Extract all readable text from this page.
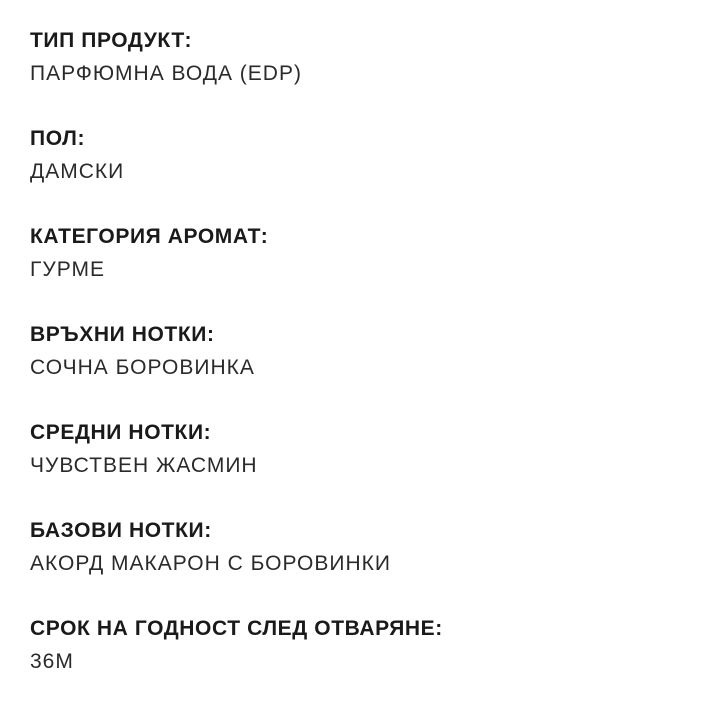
ТИП ПРОДУКТ:
ПАРФЮМНА ВОДА (EDP)
ПОЛ:
ДАМСКИ
КАТЕГОРИЯ АРОМАТ:
ГУРМЕ
ВРЪХНИ НОТКИ:
СОЧНА БОРОВИНКА
СРЕДНИ НОТКИ:
ЧУВСТВЕН ЖАСМИН
БАЗОВИ НОТКИ:
АКОРД МАКАРОН С БОРОВИНКИ
СРОК НА ГОДНОСТ СЛЕД ОТВАРЯНЕ:
36M
